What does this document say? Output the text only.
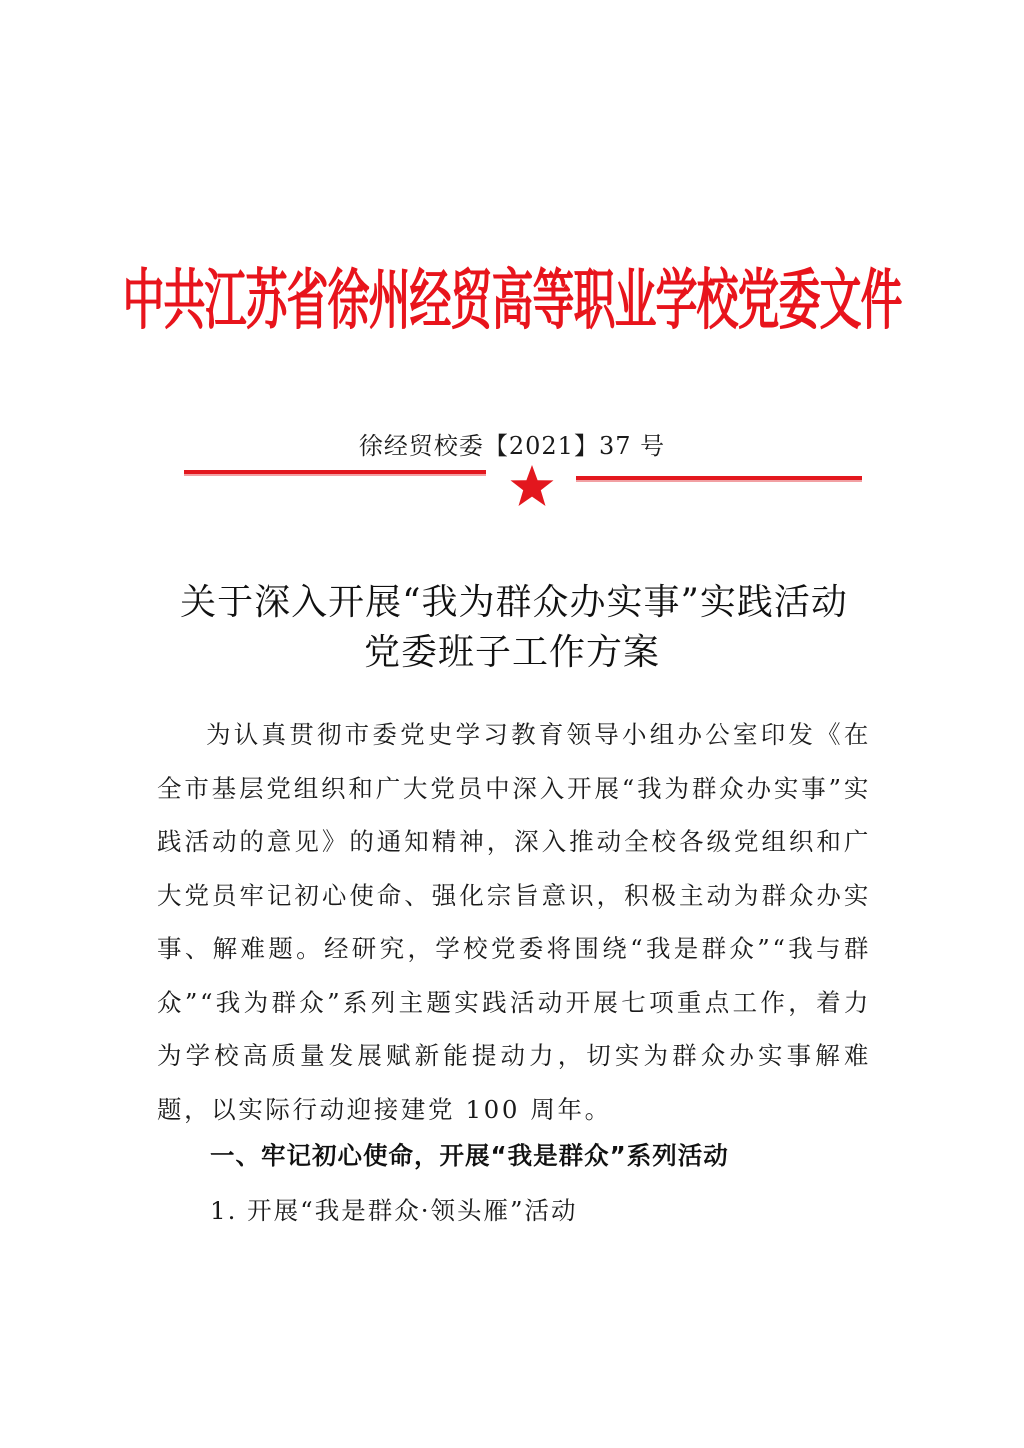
中共江苏省徐州经贸高等职业学校党委文件
徐经贸校委【2021】37 号
关于深入开展“我为群众办实事”实践活动
党委班子工作方案

为认真贯彻市委党史学习教育领导小组办公室印发《在全市基层党组织和广大党员中深入开展“我为群众办实事”实践活动的意见》的通知精神，深入推动全校各级党组织和广大党员牢记初心使命、强化宗旨意识，积极主动为群众办实事、解难题。经研究，学校党委将围绕“我是群众”“我与群众”“我为群众”系列主题实践活动开展七项重点工作，着力为学校高质量发展赋新能提动力，切实为群众办实事解难题，以实际行动迎接建党 100 周年。

一、牢记初心使命，开展“我是群众”系列活动
1. 开展“我是群众·领头雁”活动
